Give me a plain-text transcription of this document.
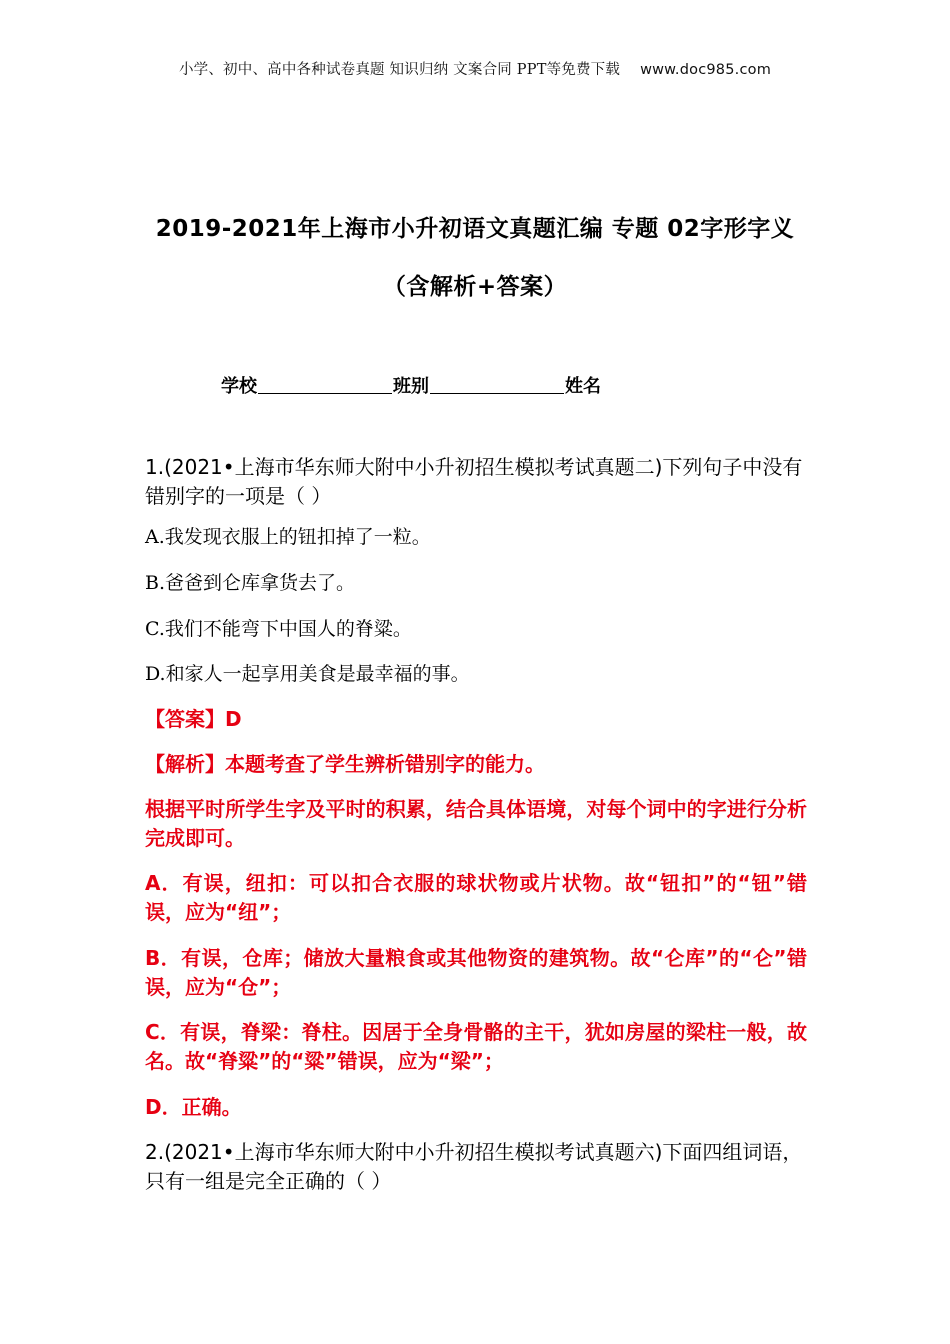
小学、初中、高中各种试卷真题 知识归纳 文案合同 PPT等免费下载 www.doc985.com
2019-2021年上海市小升初语文真题汇编 专题 02字形字义
（含解析+答案）
学校	班别	姓名
1.(2021•上海市华东师大附中小升初招生模拟考试真题二)下列句子中没有错别字的一项是（ ）
A.我发现衣服上的钮扣掉了一粒。
B.爸爸到仑库拿货去了。
C.我们不能弯下中国人的脊粱。
D.和家人一起享用美食是最幸福的事。
【答案】D
【解析】本题考查了学生辨析错别字的能力。
根据平时所学生字及平时的积累，结合具体语境，对每个词中的字进行分析完成即可。
A．有误，纽扣：可以扣合衣服的球状物或片状物。故“钮扣”的“钮”错误，应为“纽”；
B．有误，仓库；储放大量粮食或其他物资的建筑物。故“仑库”的“仑”错误，应为“仓”；
C．有误，脊梁：脊柱。因居于全身骨骼的主干，犹如房屋的梁柱一般，故名。故“脊粱”的“粱”错误，应为“梁”；
D．正确。
2.(2021•上海市华东师大附中小升初招生模拟考试真题六)下面四组词语，只有一组是完全正确的（ ）
